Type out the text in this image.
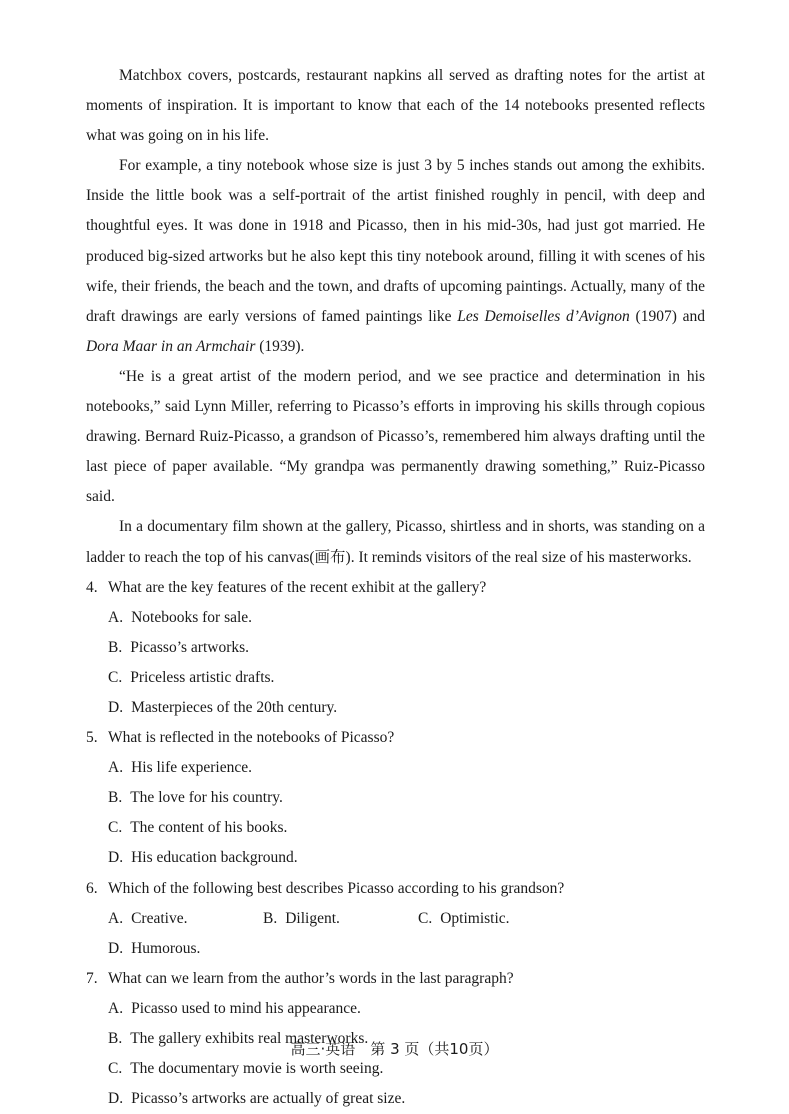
Matchbox covers, postcards, restaurant napkins all served as drafting notes for the artist at moments of inspiration. It is important to know that each of the 14 notebooks presented reflects what was going on in his life.

For example, a tiny notebook whose size is just 3 by 5 inches stands out among the exhibits. Inside the little book was a self-portrait of the artist finished roughly in pencil, with deep and thoughtful eyes. It was done in 1918 and Picasso, then in his mid-30s, had just got married. He produced big-sized artworks but he also kept this tiny notebook around, filling it with scenes of his wife, their friends, the beach and the town, and drafts of upcoming paintings. Actually, many of the draft drawings are early versions of famed paintings like Les Demoiselles d’Avignon (1907) and Dora Maar in an Armchair (1939).

“He is a great artist of the modern period, and we see practice and determination in his notebooks,” said Lynn Miller, referring to Picasso’s efforts in improving his skills through copious drawing. Bernard Ruiz-Picasso, a grandson of Picasso’s, remembered him always drafting until the last piece of paper available. “My grandpa was permanently drawing something,” Ruiz-Picasso said.

In a documentary film shown at the gallery, Picasso, shirtless and in shorts, was standing on a ladder to reach the top of his canvas(画布). It reminds visitors of the real size of his masterworks.

4. What are the key features of the recent exhibit at the gallery?

A. Notebooks for sale.
B. Picasso’s artworks.
C. Priceless artistic drafts.
D. Masterpieces of the 20th century.

5. What is reflected in the notebooks of Picasso?

A. His life experience.
B. The love for his country.
C. The content of his books.
D. His education background.

6. Which of the following best describes Picasso according to his grandson?

A. Creative.	B. Diligent.	C. Optimistic.
D. Humorous.

7. What can we learn from the author’s words in the last paragraph?

A. Picasso used to mind his appearance.
B. The gallery exhibits real masterworks.
C. The documentary movie is worth seeing.
D. Picasso’s artworks are actually of great size.
高三·英语　第 3 页（共10页）
